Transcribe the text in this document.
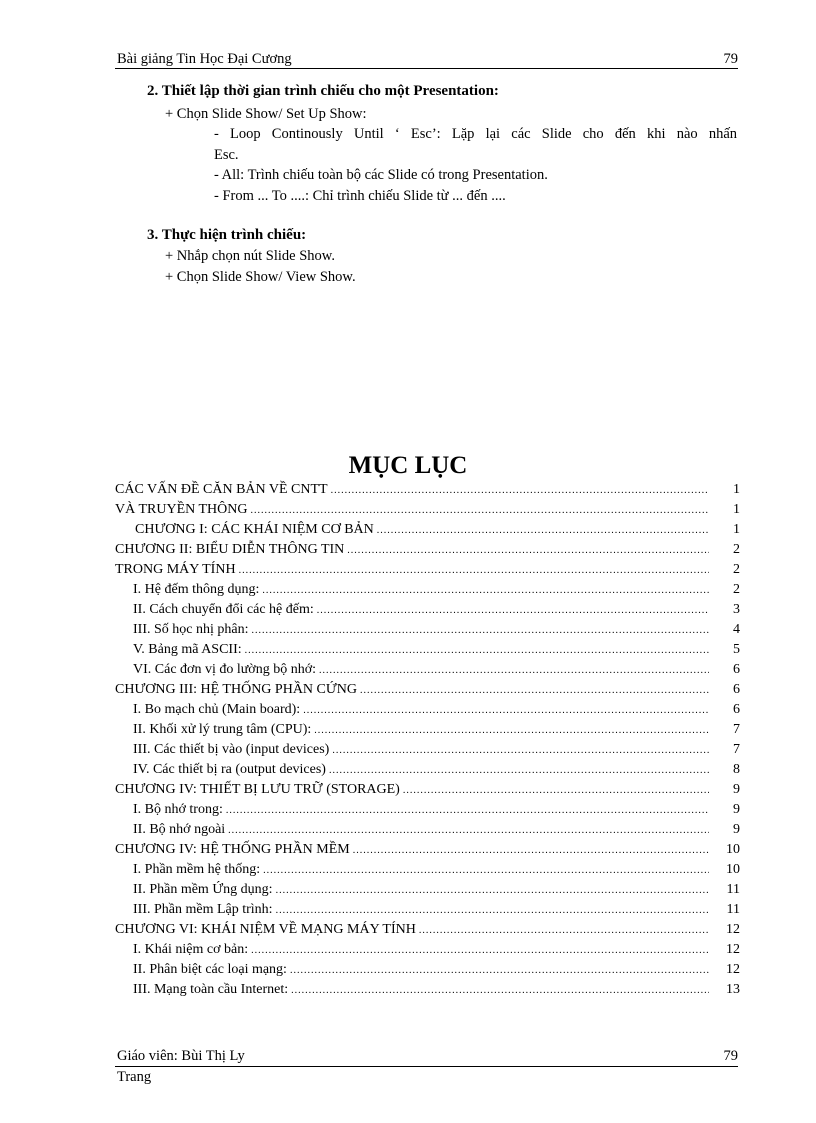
Bài giảng Tin Học Đại Cương	79
2. Thiết lập thời gian trình chiếu cho một Presentation:
+ Chọn Slide Show/ Set Up Show:
- Loop Continously Until ‘ Esc’: Lặp lại các Slide cho đến khi nào nhấn
Esc.
- All: Trình chiếu toàn bộ các Slide có trong Presentation.
- From ... To ....: Chỉ trình chiếu Slide từ ... đến ....
3. Thực hiện trình chiếu:
+ Nhắp chọn nút Slide Show.
+ Chọn Slide Show/ View Show.
MỤC LỤC
CÁC VẤN ĐỀ CĂN BẢN VỀ CNTT .....	1
VÀ TRUYỀN THÔNG .....	1
CHƯƠNG I: CÁC KHÁI NIỆM CƠ BẢN .....	1
CHƯƠNG II: BIỂU DIỄN THÔNG TIN .....	2
TRONG MÁY TÍNH .....	2
I. Hệ đếm thông dụng: .....	2
II. Cách chuyển đổi các hệ đếm: .....	3
III. Số học nhị phân: .....	4
V. Bảng mã ASCII: .....	5
VI. Các đơn vị đo lường bộ nhớ: .....	6
CHƯƠNG III: HỆ THỐNG PHẦN CỨNG .....	6
I. Bo mạch chủ (Main board): .....	6
II. Khối xử lý trung tâm (CPU): .....	7
III. Các thiết bị vào (input devices) .....	7
IV. Các thiết bị ra (output devices) .....	8
CHƯƠNG IV: THIẾT BỊ LƯU TRỮ (STORAGE) .....	9
I. Bộ nhớ trong: .....	9
II. Bộ nhớ ngoài .....	9
CHƯƠNG IV: HỆ THỐNG PHẦN MỀM .....	10
I. Phần mềm hệ thống: .....	10
II. Phần mềm Ứng dụng: .....	11
III. Phần mềm Lập trình: .....	11
CHƯƠNG VI: KHÁI NIỆM VỀ MẠNG MÁY TÍNH .....	12
I. Khái niệm cơ bản: .....	12
II. Phân biệt các loại mạng: .....	12
III. Mạng toàn cầu Internet: .....	13
Giáo viên: Bùi Thị Ly	79
Trang
